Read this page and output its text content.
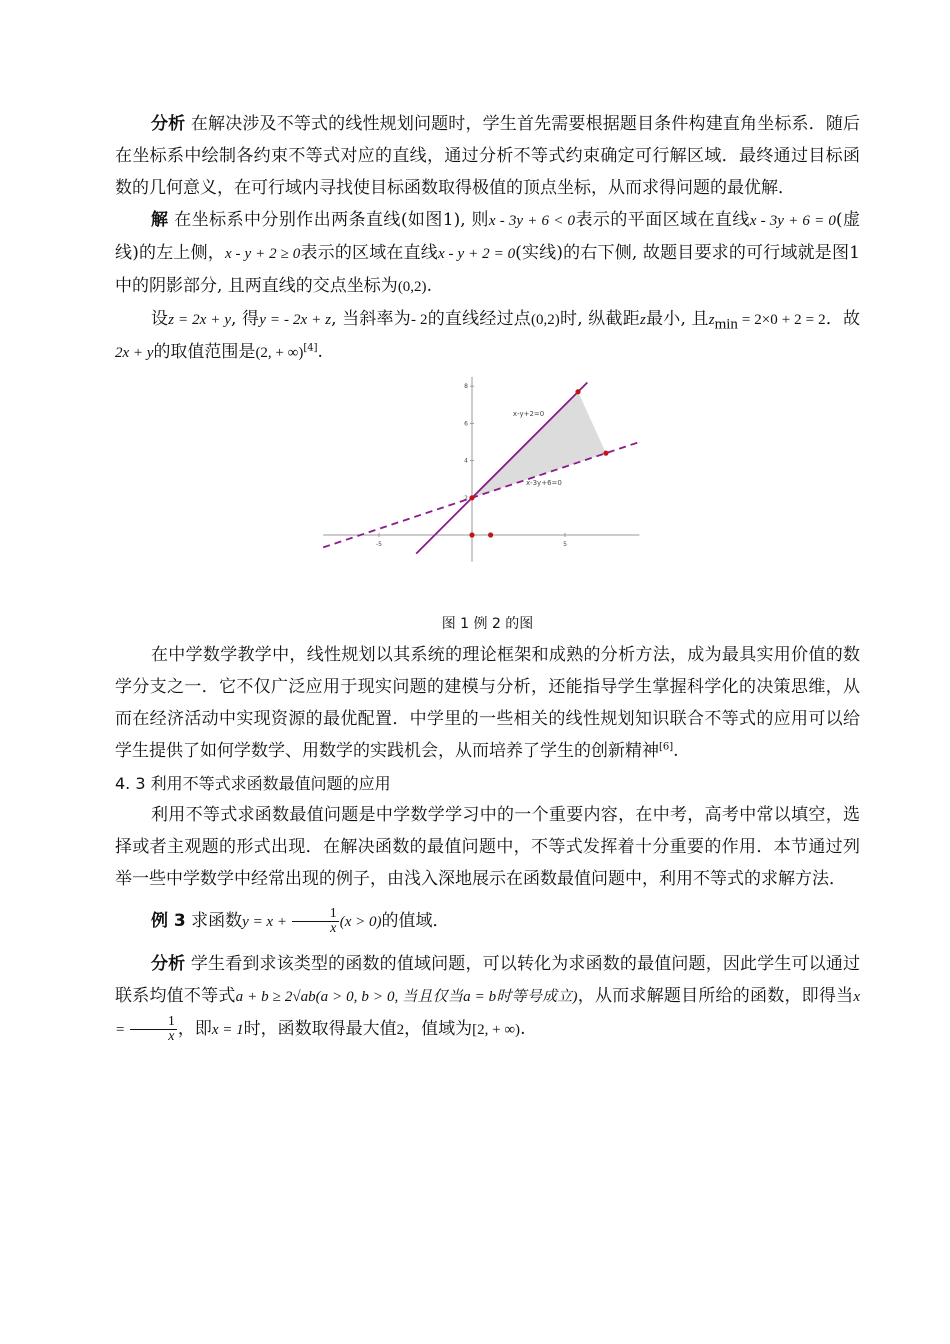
分析 在解决涉及不等式的线性规划问题时，学生首先需要根据题目条件构建直角坐标系．随后在坐标系中绘制各约束不等式对应的直线，通过分析不等式约束确定可行解区域．最终通过目标函数的几何意义，在可行域内寻找使目标函数取得极值的顶点坐标，从而求得问题的最优解．

解 在坐标系中分别作出两条直线(如图1), 则x - 3y + 6 < 0表示的平面区域在直线x - 3y + 6 = 0(虚线)的左上侧，x - y + 2 ≥ 0表示的区域在直线x - y + 2 = 0(实线)的右下侧, 故题目要求的可行域就是图1中的阴影部分, 且两直线的交点坐标为(0,2).

设z = 2x + y, 得y = - 2x + z, 当斜率为- 2的直线经过点(0,2)时, 纵截距z最小, 且$z_{min} = 2\times 0 + 2 = 2$．故2x + y的取值范围是(2, + ∞)[4].

-5	5
2
4
6
8
x-y+2=0
x-3y+6=0
图 1 例 2 的图

在中学数学教学中，线性规划以其系统的理论框架和成熟的分析方法，成为最具实用价值的数学分支之一．它不仅广泛应用于现实问题的建模与分析，还能指导学生掌握科学化的决策思维，从而在经济活动中实现资源的最优配置．中学里的一些相关的线性规划知识联合不等式的应用可以给学生提供了如何学数学、用数学的实践机会，从而培养了学生的创新精神[6].

4. 3 利用不等式求函数最值问题的应用

利用不等式求函数最值问题是中学数学学习中的一个重要内容，在中考，高考中常以填空，选择或者主观题的形式出现．在解决函数的最值问题中，不等式发挥着十分重要的作用．本节通过列举一些中学数学中经常出现的例子，由浅入深地展示在函数最值问题中，利用不等式的求解方法．

例 3 求函数$y = x + \frac{1}{x} (x > 0)$的值域．

分析 学生看到求该类型的函数的值域问题，可以转化为求函数的最值问题，因此学生可以通过联系均值不等式a + b ≥ 2√ab(a > 0, b > 0, 当且仅当a = b时等号成立)，从而求解题目所给的函数，即得当$x = \frac{1}{x}$ ，即x = 1时，函数取得最大值2，值域为[2, + ∞).
